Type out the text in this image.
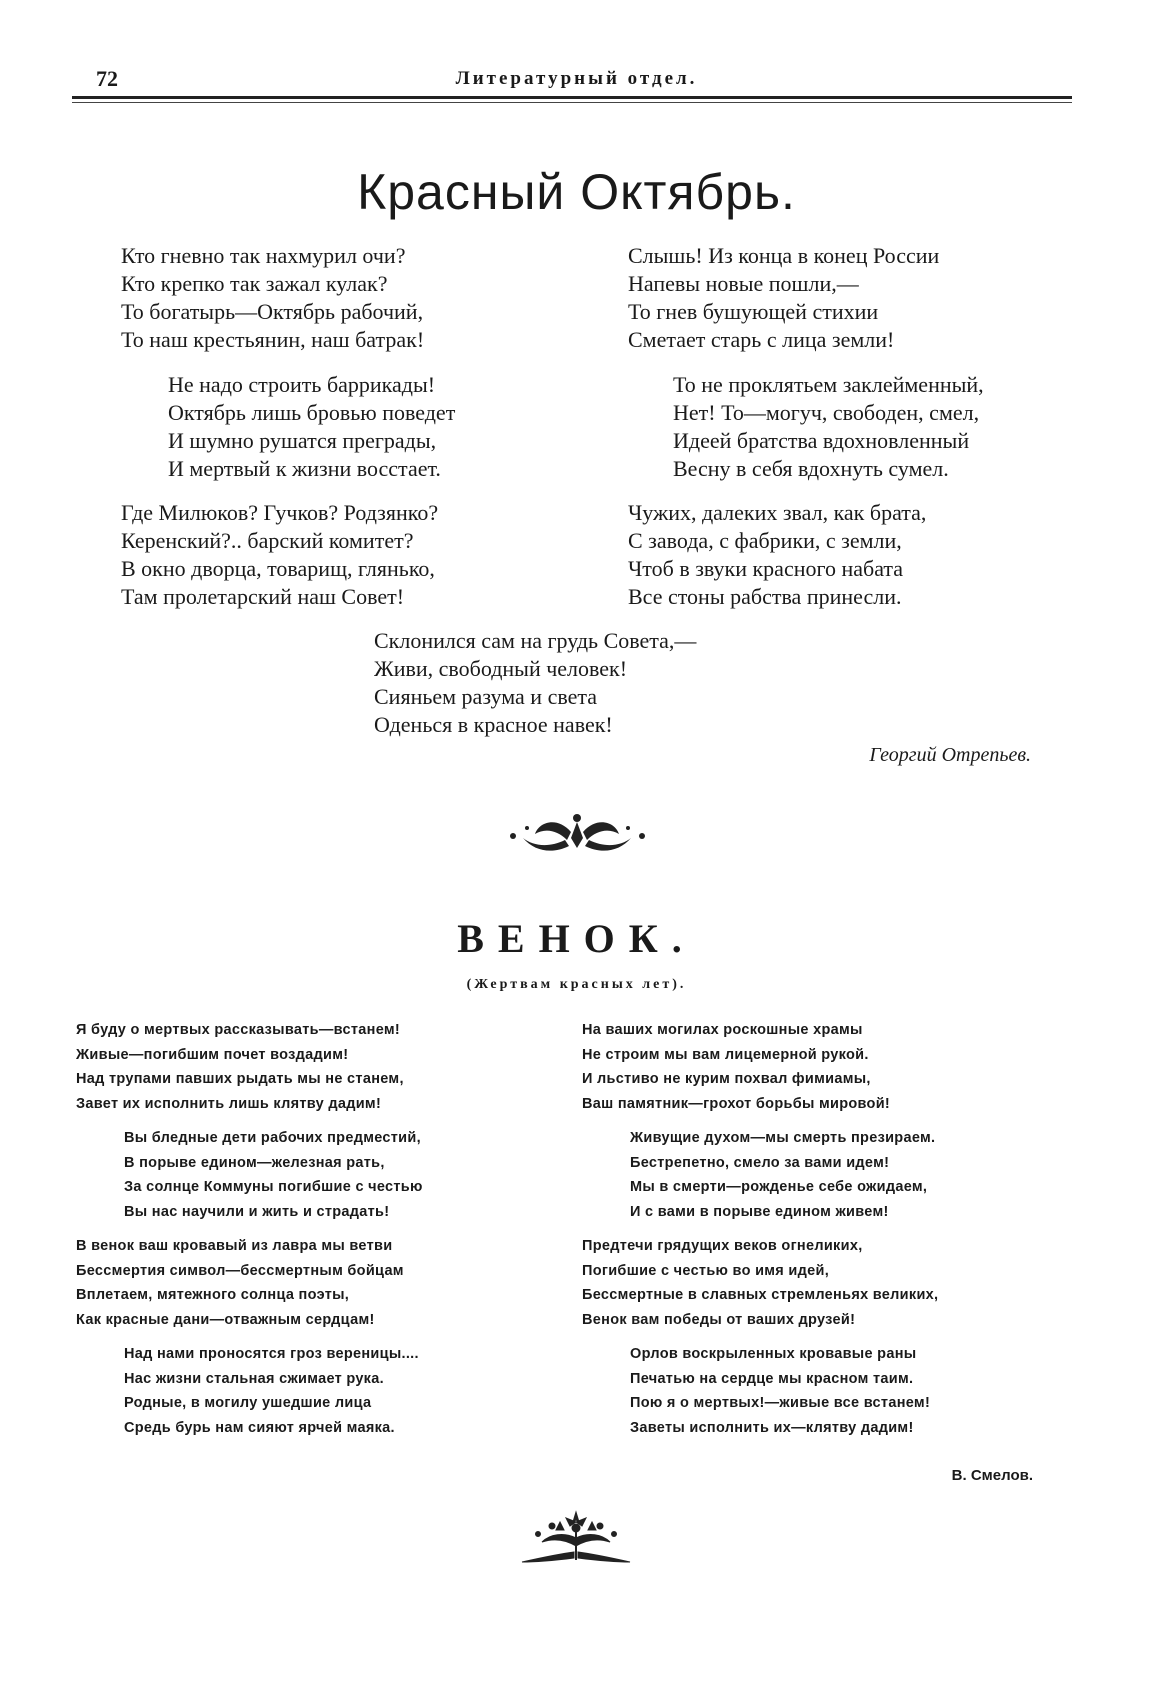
72	Литературный отдел.
Красный Октябрь.
Кто гневно так нахмурил очи?
Кто крепко так зажал кулак?
То богатырь—Октябрь рабочий,
То наш крестьянин, наш батрак!
Не надо строить баррикады!
Октябрь лишь бровью поведет
И шумно рушатся преграды,
И мертвый к жизни восстает.
Где Милюков? Гучков? Родзянко?
Керенский?.. барский комитет?
В окно дворца, товарищ, гляньк​о,
Там пролетарский наш Совет!
Слышь! Из конца в конец России
Напевы новые пошли,—
То гнев бушующей стихии
Сметает старь с лица земли!
То не проклятьем заклейменный,
Нет! То—могуч, свободен, смел,
Идеей братства вдохновленный
Весну в себя вдохнуть сумел.
Чужих, далеких звал, как брата,
С завода, с фабрики, с земли,
Чтоб в звуки красного набата
Все стоны рабства принесли.
Склонился сам на грудь Совета,—
Живи, свободный человек!
Сияньем разума и света
Оденься в красное навек!
Георгий Отрепьев.
ВЕНОК.
(Жертвам красных лет).
Я буду о мертвых рассказывать—встанем!
Живые—погибшим почет воздадим!
Над трупами павших рыдать мы не станем,
Завет их исполнить лишь клятву дадим!
Вы бледные дети рабочих предместий,
В порыве едином—железная рать,
За солнце Коммуны погибшие с честью
Вы нас научили и жить и страдать!
В венок ваш кровавый из лавра мы ветви
Бессмертия символ—бессмертным бойцам
Вплетаем, мятежного солнца поэты,
Как красные дани—отважным сердцам!
Над нами проносятся гроз вереницы....
Нас жизни стальная сжимает рука.
Родные, в могилу ушедшие лица
Средь бурь нам сияют ярчей маяка.
На ваших могилах роскошные храмы
Не строим мы вам лицемерной рукой.
И льстиво не курим похвал фимиамы,
Ваш памятник—грохот борьбы мировой!
Живущие духом—мы смерть презираем.
Бестрепетно, смело за вами идем!
Мы в смерти—рожденье себе ожидаем,
И с вами в порыве едином живем!
Предтечи грядущих веков огнеликих,
Погибшие с честью во имя идей,
Бессмертные в славных стремленьях великих,
Венок вам победы от ваших друзей!
Орлов воскрыленных кровавые раны
Печатью на сердце мы красном таим.
Пою я о мертвых!—живые все встанем!
Заветы исполнить их—клятву дадим!
В. Смелов.
